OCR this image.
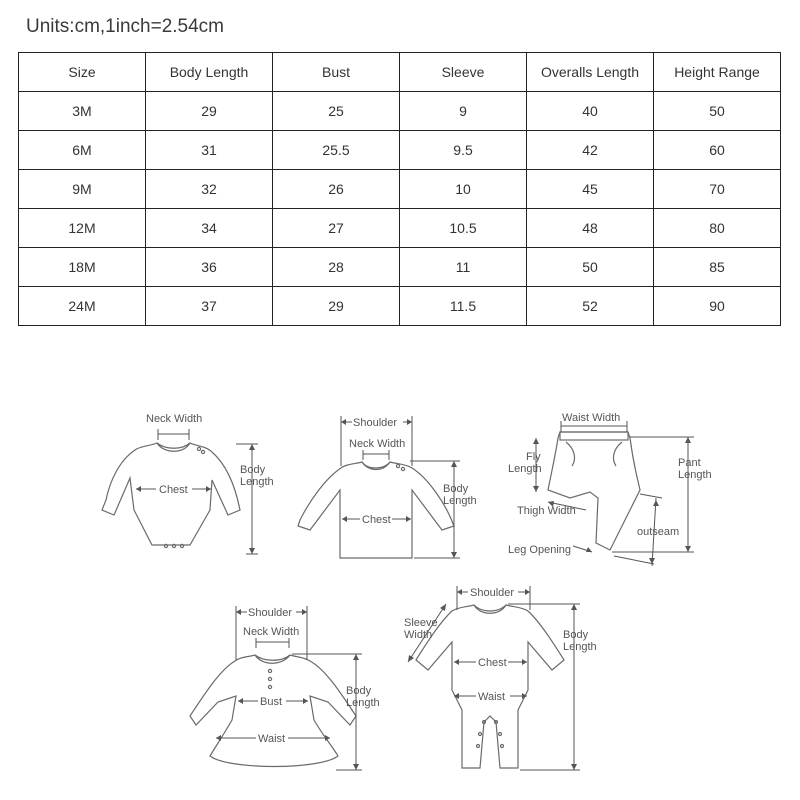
Units:cm,1inch=2.54cm
Size	Body Length	Bust	Sleeve	Overalls Length	Height Range
3M	29	25	9	40	50
6M	31	25.5	9.5	42	60
9M	32	26	10	45	70
12M	34	27	10.5	48	80
18M	36	28	11	50	85
24M	37	29	11.5	52	90
Neck Width
Chest
Body
Length
Shoulder
Neck Width
Chest
Body
Length
Waist Width
Fly
Length	Pant
Length
Thigh Width
outseam
Leg Opening
Shoulder
Neck Width
Bust
Waist
Body
Length
Shoulder
Sleeve
Width
Chest
Waist
Body
Length
